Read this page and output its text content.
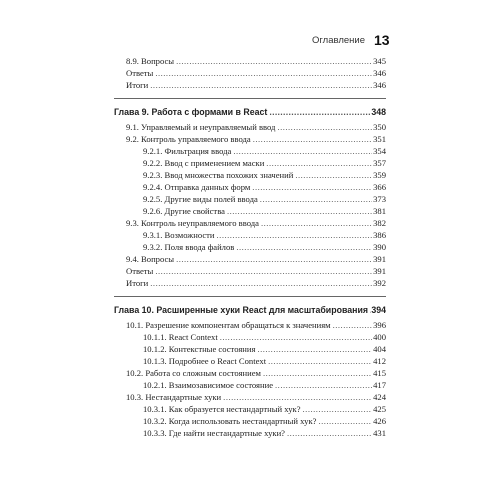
Оглавление 13
8.9. Вопросы .....	345
Ответы .....	346
Итоги .....	346
Глава 9. Работа с формами в React .....	348
9.1. Управляемый и неуправляемый ввод .....	350
9.2. Контроль управляемого ввода .....	351
9.2.1. Фильтрация ввода .....	354
9.2.2. Ввод с применением маски .....	357
9.2.3. Ввод множества похожих значений .....	359
9.2.4. Отправка данных форм .....	366
9.2.5. Другие виды полей ввода .....	373
9.2.6. Другие свойства .....	381
9.3. Контроль неуправляемого ввода .....	382
9.3.1. Возможности .....	386
9.3.2. Поля ввода файлов .....	390
9.4. Вопросы .....	391
Ответы .....	391
Итоги .....	392
Глава 10. Расширенные хуки React для масштабирования ..... 394
10.1. Разрешение компонентам обращаться к значениям .....	396
10.1.1. React Context .....	400
10.1.2. Контекстные состояния .....	404
10.1.3. Подробнее о React Context .....	412
10.2. Работа со сложным состоянием .....	415
10.2.1. Взаимозависимое состояние .....	417
10.3. Нестандартные хуки .....	424
10.3.1. Как образуется нестандартный хук? .....	425
10.3.2. Когда использовать нестандартный хук? .....	426
10.3.3. Где найти нестандартные хуки? .....	431
